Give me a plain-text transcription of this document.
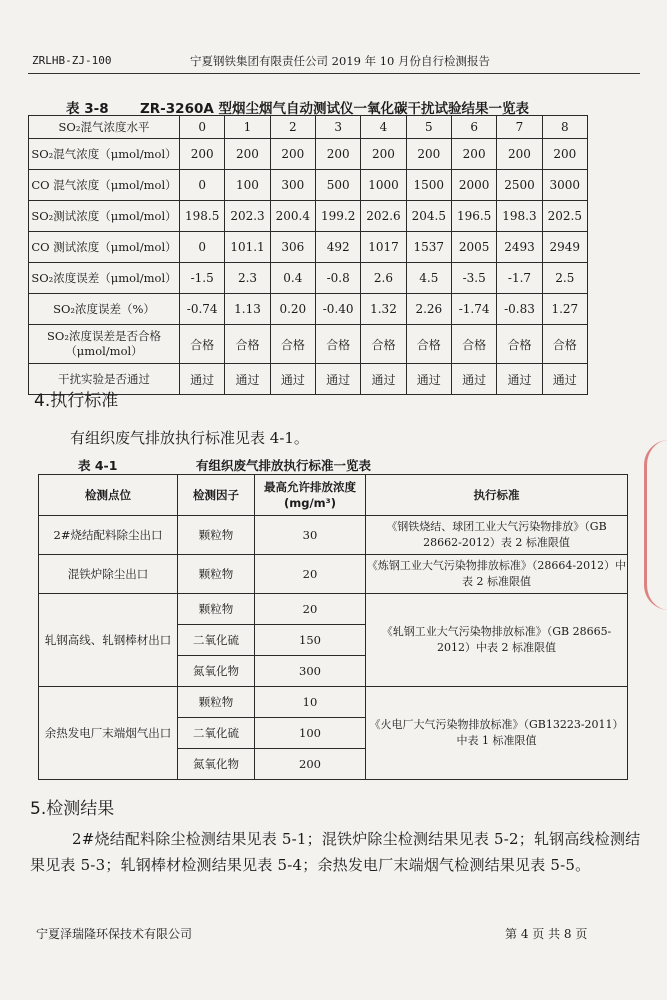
ZRLHB-ZJ-100	宁夏钢铁集团有限责任公司 2019 年 10 月份自行检测报告
表 3-8 ZR-3260A 型烟尘烟气自动测试仪一氧化碳干扰试验结果一览表
SO₂混气浓度水平	0	1	2	3	4	5	6	7	8
SO₂混气浓度（μmol/mol）	200	200	200	200	200	200	200	200	200
CO 混气浓度（μmol/mol）	0	100	300	500	1000	1500	2000	2500	3000
SO₂测试浓度（μmol/mol）	198.5	202.3	200.4	199.2	202.6	204.5	196.5	198.3	202.5
CO 测试浓度（μmol/mol）	0	101.1	306	492	1017	1537	2005	2493	2949
SO₂浓度误差（μmol/mol）	-1.5	2.3	0.4	-0.8	2.6	4.5	-3.5	-1.7	2.5
SO₂浓度误差（%）	-0.74	1.13	0.20	-0.40	1.32	2.26	-1.74	-0.83	1.27
SO₂浓度误差是否合格（μmol/mol）	合格	合格	合格	合格	合格	合格	合格	合格	合格
干扰实验是否通过	通过	通过	通过	通过	通过	通过	通过	通过	通过
4.执行标准
有组织废气排放执行标准见表 4-1。
表 4-1	有组织废气排放执行标准一览表
检测点位	检测因子	最高允许排放浓度(mg/m³)	执行标准
2#烧结配料除尘出口	颗粒物	30	《钢铁烧结、球团工业大气污染物排放》（GB 28662-2012）表 2 标准限值
混铁炉除尘出口	颗粒物	20	《炼钢工业大气污染物排放标准》（28664-2012）中表 2 标准限值
轧钢高线、轧钢棒材出口	颗粒物	20	《轧钢工业大气污染物排放标准》（GB 28665-2012）中表 2 标准限值
	二氧化硫	150	
	氮氧化物	300	
余热发电厂末端烟气出口	颗粒物	10	《火电厂大气污染物排放标准》（GB13223-2011）中表 1 标准限值
	二氧化硫	100	
	氮氧化物	200	
5.检测结果
2#烧结配料除尘检测结果见表 5-1；混铁炉除尘检测结果见表 5-2；轧钢高线检测结果见表 5-3；轧钢棒材检测结果见表 5-4；余热发电厂末端烟气检测结果见表 5-5。
宁夏泽瑞隆环保技术有限公司	第 4 页 共 8 页
